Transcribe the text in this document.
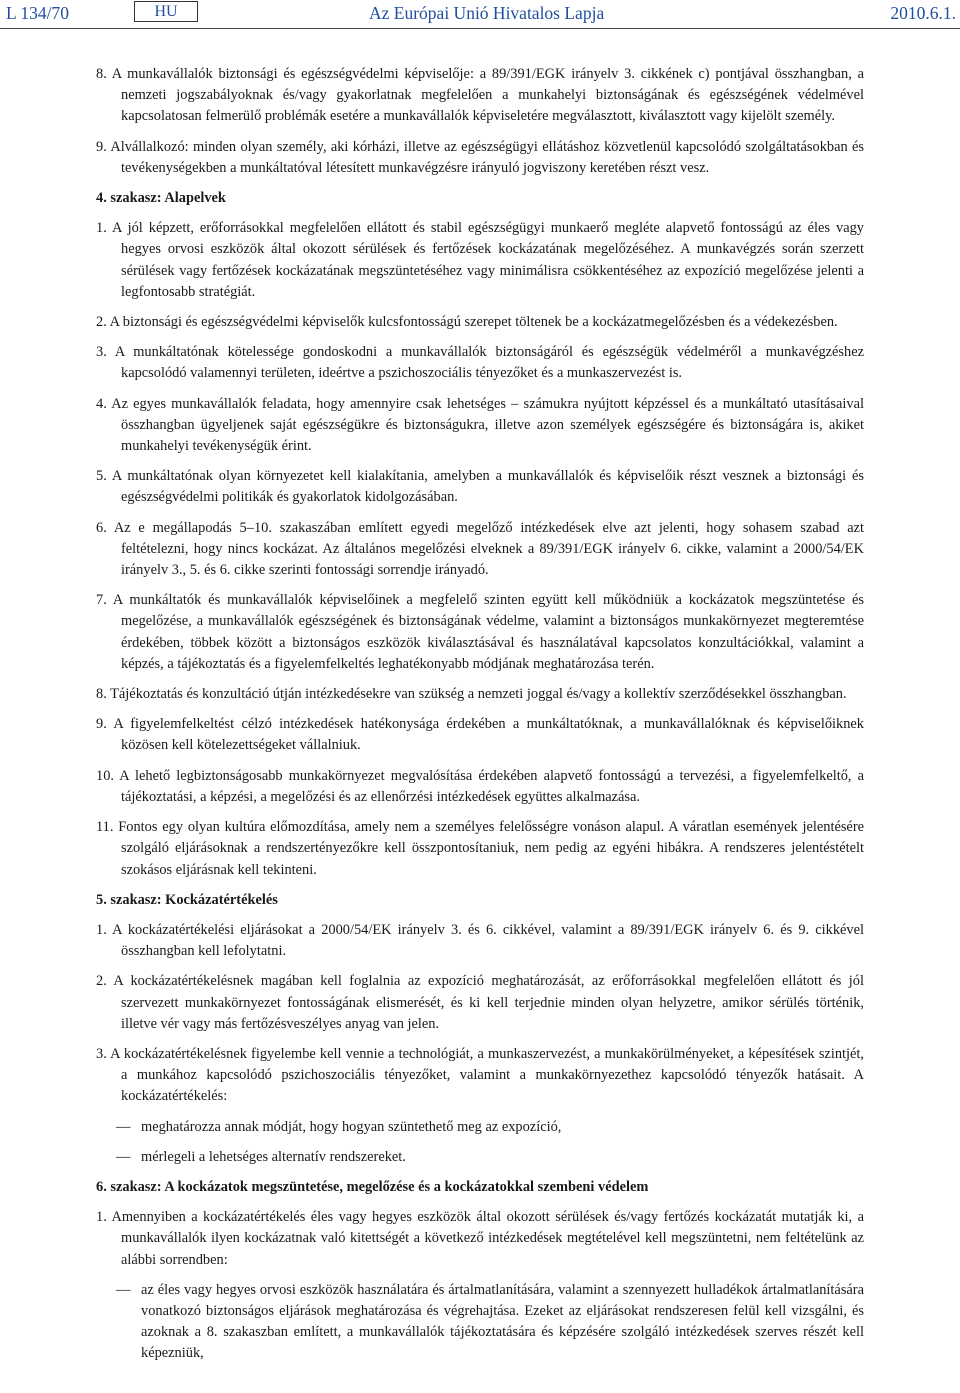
L 134/70	HU	Az Európai Unió Hivatalos Lapja	2010.6.1.
8. A munkavállalók biztonsági és egészségvédelmi képviselője: a 89/391/EGK irányelv 3. cikkének c) pontjával összhangban, a nemzeti jogszabályoknak és/vagy gyakorlatnak megfelelően a munkahelyi biztonságának és egészségének védelmével kapcsolatosan felmerülő problémák esetére a munkavállalók képviseletére megválasztott, kiválasztott vagy kijelölt személy.
9. Alvállalkozó: minden olyan személy, aki kórházi, illetve az egészségügyi ellátáshoz közvetlenül kapcsolódó szolgáltatásokban és tevékenységekben a munkáltatóval létesített munkavégzésre irányuló jogviszony keretében részt vesz.
4. szakasz: Alapelvek
1. A jól képzett, erőforrásokkal megfelelően ellátott és stabil egészségügyi munkaerő megléte alapvető fontosságú az éles vagy hegyes orvosi eszközök által okozott sérülések és fertőzések kockázatának megelőzéséhez. A munkavégzés során szerzett sérülések vagy fertőzések kockázatának megszüntetéséhez vagy minimálisra csökkentéséhez az expozíció megelőzése jelenti a legfontosabb stratégiát.
2. A biztonsági és egészségvédelmi képviselők kulcsfontosságú szerepet töltenek be a kockázatmegelőzésben és a védekezésben.
3. A munkáltatónak kötelessége gondoskodni a munkavállalók biztonságáról és egészségük védelméről a munkavégzéshez kapcsolódó valamennyi területen, ideértve a pszichoszociális tényezőket és a munkaszervezést is.
4. Az egyes munkavállalók feladata, hogy amennyire csak lehetséges – számukra nyújtott képzéssel és a munkáltató utasításaival összhangban ügyeljenek saját egészségükre és biztonságukra, illetve azon személyek egészségére és biztonságára is, akiket munkahelyi tevékenységük érint.
5. A munkáltatónak olyan környezetet kell kialakítania, amelyben a munkavállalók és képviselőik részt vesznek a biztonsági és egészségvédelmi politikák és gyakorlatok kidolgozásában.
6. Az e megállapodás 5–10. szakaszában említett egyedi megelőző intézkedések elve azt jelenti, hogy sohasem szabad azt feltételezni, hogy nincs kockázat. Az általános megelőzési elveknek a 89/391/EGK irányelv 6. cikke, valamint a 2000/54/EK irányelv 3., 5. és 6. cikke szerinti fontossági sorrendje irányadó.
7. A munkáltatók és munkavállalók képviselőinek a megfelelő szinten együtt kell működniük a kockázatok megszüntetése és megelőzése, a munkavállalók egészségének és biztonságának védelme, valamint a biztonságos munkakörnyezet megteremtése érdekében, többek között a biztonságos eszközök kiválasztásával és használatával kapcsolatos konzultációkkal, valamint a képzés, a tájékoztatás és a figyelemfelkeltés leghatékonyabb módjának meghatározása terén.
8. Tájékoztatás és konzultáció útján intézkedésekre van szükség a nemzeti joggal és/vagy a kollektív szerződésekkel összhangban.
9. A figyelemfelkeltést célzó intézkedések hatékonysága érdekében a munkáltatóknak, a munkavállalóknak és képviselőiknek közösen kell kötelezettségeket vállalniuk.
10. A lehető legbiztonságosabb munkakörnyezet megvalósítása érdekében alapvető fontosságú a tervezési, a figyelemfelkeltő, a tájékoztatási, a képzési, a megelőzési és az ellenőrzési intézkedések együttes alkalmazása.
11. Fontos egy olyan kultúra előmozdítása, amely nem a személyes felelősségre vonáson alapul. A váratlan események jelentésére szolgáló eljárásoknak a rendszertényezőkre kell összpontosítaniuk, nem pedig az egyéni hibákra. A rendszeres jelentéstételt szokásos eljárásnak kell tekinteni.
5. szakasz: Kockázatértékelés
1. A kockázatértékelési eljárásokat a 2000/54/EK irányelv 3. és 6. cikkével, valamint a 89/391/EGK irányelv 6. és 9. cikkével összhangban kell lefolytatni.
2. A kockázatértékelésnek magában kell foglalnia az expozíció meghatározását, az erőforrásokkal megfelelően ellátott és jól szervezett munkakörnyezet fontosságának elismerését, és ki kell terjednie minden olyan helyzetre, amikor sérülés történik, illetve vér vagy más fertőzésveszélyes anyag van jelen.
3. A kockázatértékelésnek figyelembe kell vennie a technológiát, a munkaszervezést, a munkakörülményeket, a képesítések szintjét, a munkához kapcsolódó pszichoszociális tényezőket, valamint a munkakörnyezethez kapcsolódó tényezők hatásait. A kockázatértékelés:
— meghatározza annak módját, hogy hogyan szüntethető meg az expozíció,
— mérlegeli a lehetséges alternatív rendszereket.
6. szakasz: A kockázatok megszüntetése, megelőzése és a kockázatokkal szembeni védelem
1. Amennyiben a kockázatértékelés éles vagy hegyes eszközök által okozott sérülések és/vagy fertőzés kockázatát mutatják ki, a munkavállalók ilyen kockázatnak való kitettségét a következő intézkedések megtételével kell megszüntetni, nem feltételünk az alábbi sorrendben:
— az éles vagy hegyes orvosi eszközök használatára és ártalmatlanítására, valamint a szennyezett hulladékok ártalmatlanítására vonatkozó biztonságos eljárások meghatározása és végrehajtása. Ezeket az eljárásokat rendszeresen felül kell vizsgálni, és azoknak a 8. szakaszban említett, a munkavállalók tájékoztatására és képzésére szolgáló intézkedések szerves részét kell képezniük,
